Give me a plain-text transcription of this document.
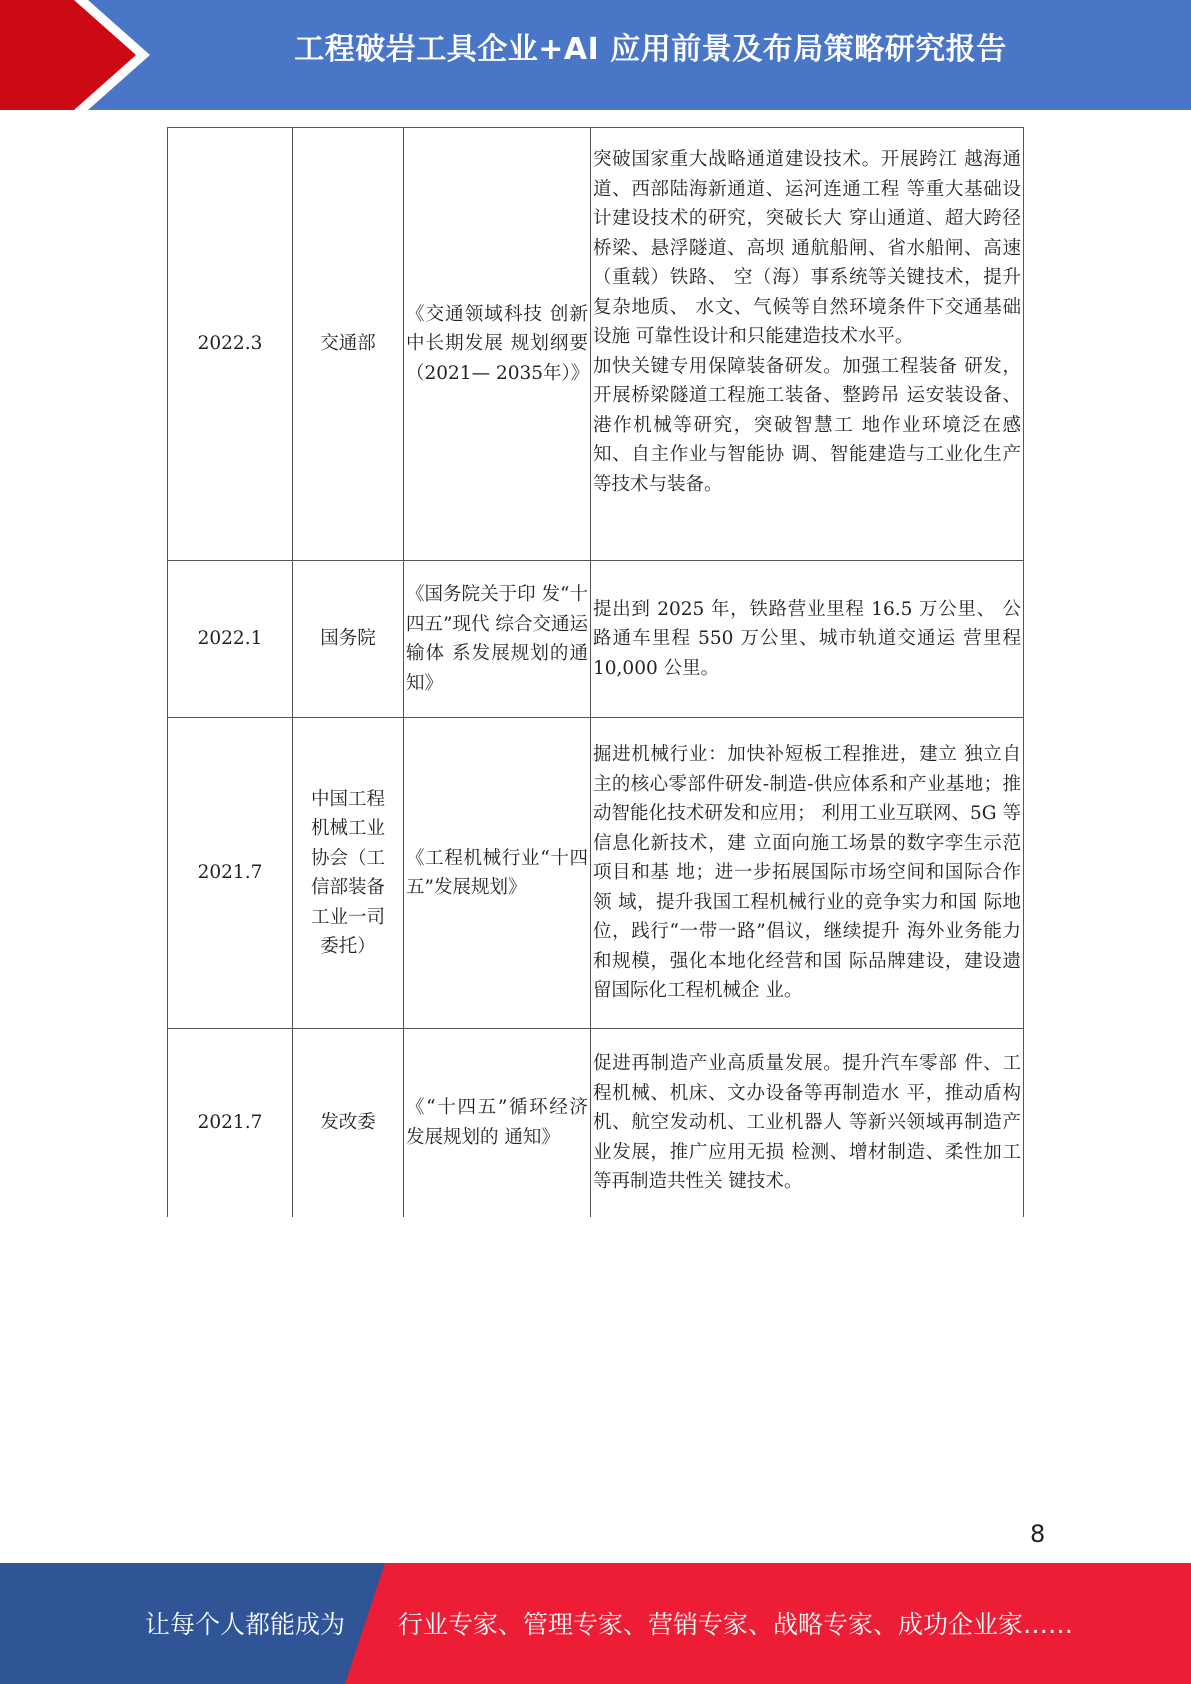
工程破岩工具企业+AI 应用前景及布局策略研究报告
2022.3	交通部	《交通领域科技 创新中长期发展 规划纲要（2021— 2035年）》	突破国家重大战略通道建设技术。开展跨江 越海通道、西部陆海新通道、运河连通工程 等重大基础设计建设技术的研究，突破长大 穿山通道、超大跨径桥梁、悬浮隧道、高坝 通航船闸、省水船闸、高速（重载）铁路、 空（海）事系统等关键技术，提升复杂地质、 水文、气候等自然环境条件下交通基础设施 可靠性设计和只能建造技术水平。

加快关键专用保障装备研发。加强工程装备 研发，开展桥梁隧道工程施工装备、整跨吊 运安装设备、港作机械等研究，突破智慧工 地作业环境泛在感知、自主作业与智能协 调、智能建造与工业化生产等技术与装备。

2022.1	国务院	《国务院关于印 发“十四五”现代 综合交通运输体 系发展规划的通 知》	提出到 2025 年，铁路营业里程 16.5 万公里、 公路通车里程 550 万公里、城市轨道交通运 营里程 10,000 公里。

2021.7	中国工程机械工业协会（工信部装备工业一司委托）	《工程机械行业“十四五”发展规划》	掘进机械行业：加快补短板工程推进，建立 独立自主的核心零部件研发-制造-供应体系和产业基地；推动智能化技术研发和应用； 利用工业互联网、5G 等信息化新技术，建 立面向施工场景的数字孪生示范项目和基 地；进一步拓展国际市场空间和国际合作领 域，提升我国工程机械行业的竞争实力和国 际地位，践行“一带一路”倡议，继续提升 海外业务能力和规模，强化本地化经营和国 际品牌建设，建设遗留国际化工程机械企 业。

2021.7	发改委	《“十四五”循环经济发展规划的 通知》	促进再制造产业高质量发展。提升汽车零部 件、工程机械、机床、文办设备等再制造水 平，推动盾构机、航空发动机、工业机器人 等新兴领域再制造产业发展，推广应用无损 检测、增材制造、柔性加工等再制造共性关 键技术。

8
让每个人都能成为 行业专家、管理专家、营销专家、战略专家、成功企业家……
